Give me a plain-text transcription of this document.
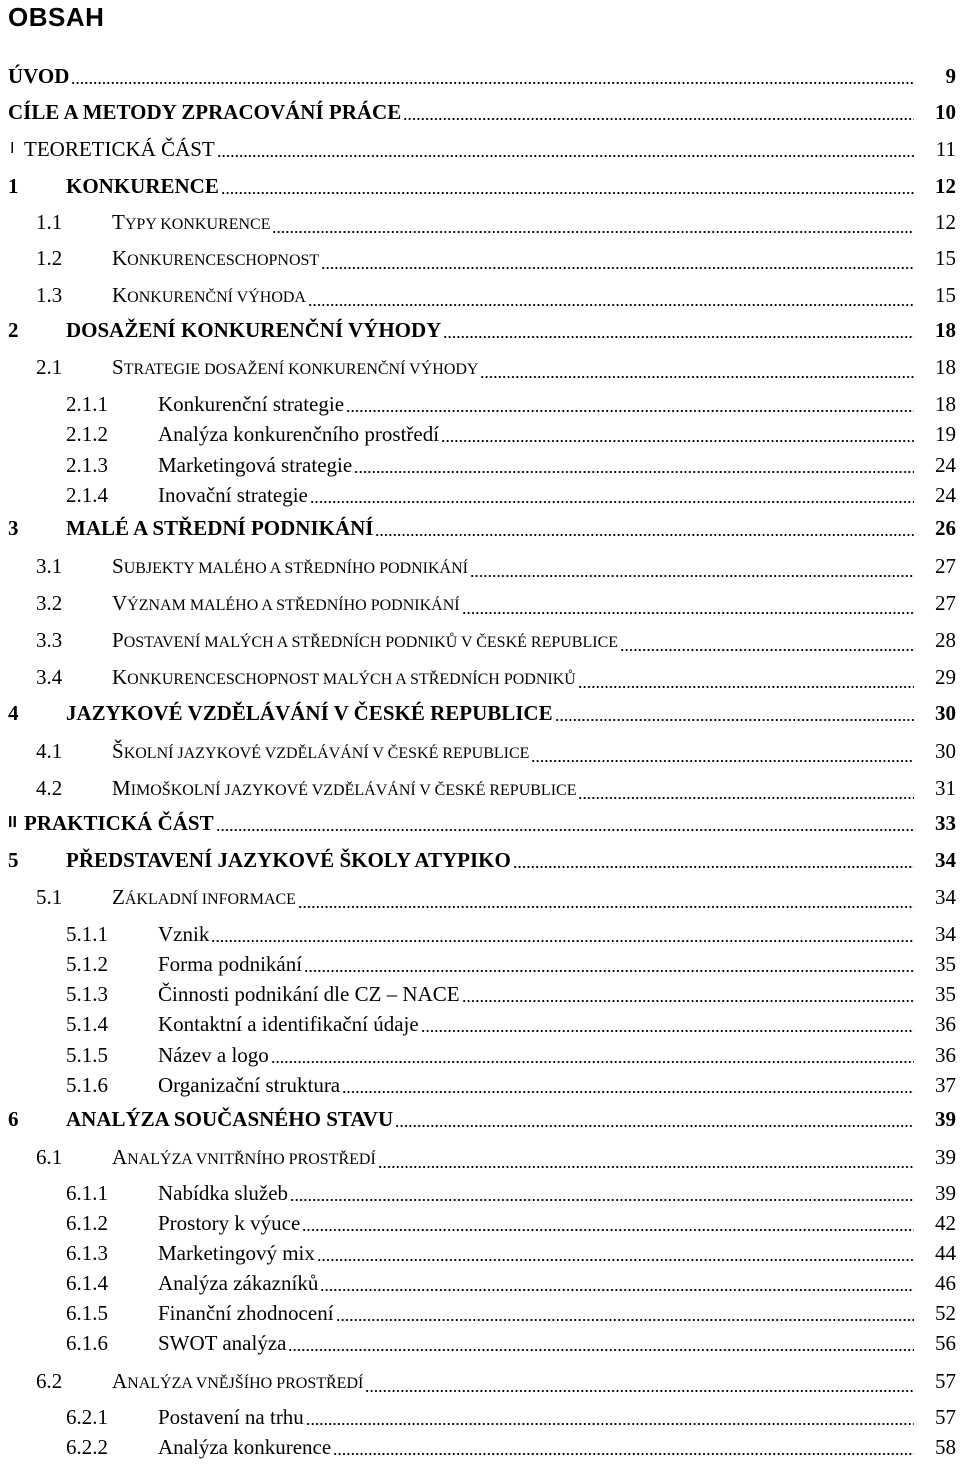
OBSAH
ÚVOD	9
CÍLE A METODY ZPRACOVÁNÍ PRÁCE	10
I TEORETICKÁ ČÁST	11
1 KONKURENCE	12
1.1	TYPY KONKURENCE	12
1.2	KONKURENCESCHOPNOST	15
1.3	KONKURENČNÍ VÝHODA	15
2 DOSAŽENÍ KONKURENČNÍ VÝHODY	18
2.1	STRATEGIE DOSAŽENÍ KONKURENČNÍ VÝHODY	18
2.1.1 Konkurenční strategie	18
2.1.2 Analýza konkurenčního prostředí	19
2.1.3 Marketingová strategie	24
2.1.4 Inovační strategie	24
3 MALÉ A STŘEDNÍ PODNIKÁNÍ	26
3.1	SUBJEKTY MALÉHO A STŘEDNÍHO PODNIKÁNÍ	27
3.2	VÝZNAM MALÉHO A STŘEDNÍHO PODNIKÁNÍ	27
3.3	POSTAVENÍ MALÝCH A STŘEDNÍCH PODNIKŮ V ČESKÉ REPUBLICE	28
3.4	KONKURENCESCHOPNOST MALÝCH A STŘEDNÍCH PODNIKŮ	29
4 JAZYKOVÉ VZDĚLÁVÁNÍ V ČESKÉ REPUBLICE	30
4.1	ŠKOLNÍ JAZYKOVÉ VZDĚLÁVÁNÍ V ČESKÉ REPUBLICE	30
4.2	MIMOŠKOLNÍ JAZYKOVÉ VZDĚLÁVÁNÍ V ČESKÉ REPUBLICE	31
II PRAKTICKÁ ČÁST	33
5 PŘEDSTAVENÍ JAZYKOVÉ ŠKOLY ATYPIKO	34
5.1	ZÁKLADNÍ INFORMACE	34
5.1.1 Vznik	34
5.1.2 Forma podnikání	35
5.1.3 Činnosti podnikání dle CZ – NACE	35
5.1.4 Kontaktní a identifikační údaje	36
5.1.5 Název a logo	36
5.1.6 Organizační struktura	37
6 ANALÝZA SOUČASNÉHO STAVU	39
6.1	ANALÝZA VNITŘNÍHO PROSTŘEDÍ	39
6.1.1 Nabídka služeb	39
6.1.2 Prostory k výuce	42
6.1.3 Marketingový mix	44
6.1.4 Analýza zákazníků	46
6.1.5 Finanční zhodnocení	52
6.1.6 SWOT analýza	56
6.2	ANALÝZA VNĚJŠÍHO PROSTŘEDÍ	57
6.2.1 Postavení na trhu	57
6.2.2 Analýza konkurence	58
